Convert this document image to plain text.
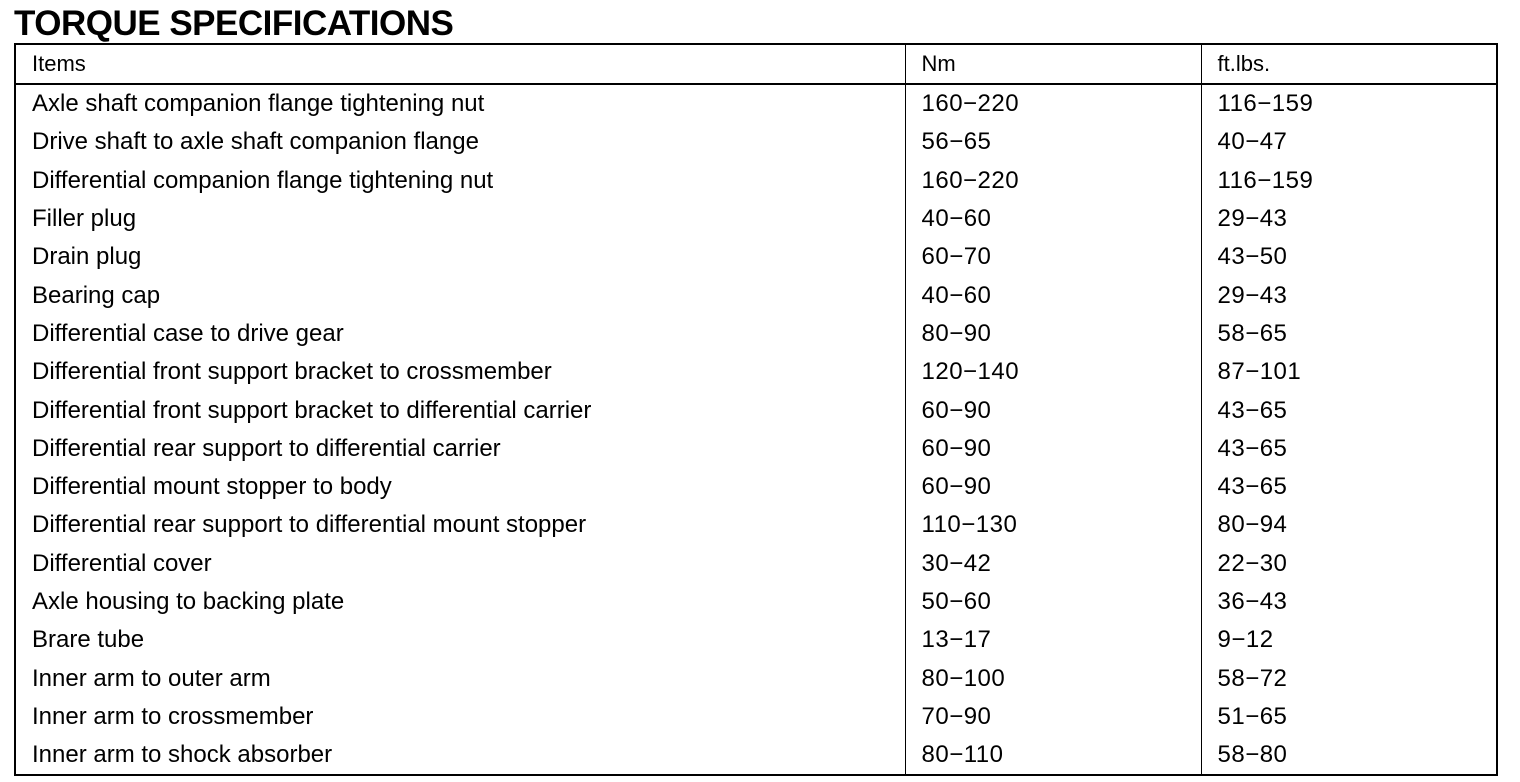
TORQUE SPECIFICATIONS
Items	Nm	ft.lbs.
Axle shaft companion flange tightening nut	160−220	116−159
Drive shaft to axle shaft companion flange	56−65	40−47
Differential companion flange tightening nut	160−220	116−159
Filler plug	40−60	29−43
Drain plug	60−70	43−50
Bearing cap	40−60	29−43
Differential case to drive gear	80−90	58−65
Differential front support bracket to crossmember	120−140	87−101
Differential front support bracket to differential carrier	60−90	43−65
Differential rear support to differential carrier	60−90	43−65
Differential mount stopper to body	60−90	43−65
Differential rear support to differential mount stopper	110−130	80−94
Differential cover	30−42	22−30
Axle housing to backing plate	50−60	36−43
Brare tube	13−17	9−12
Inner arm to outer arm	80−100	58−72
Inner arm to crossmember	70−90	51−65
Inner arm to shock absorber	80−110	58−80
